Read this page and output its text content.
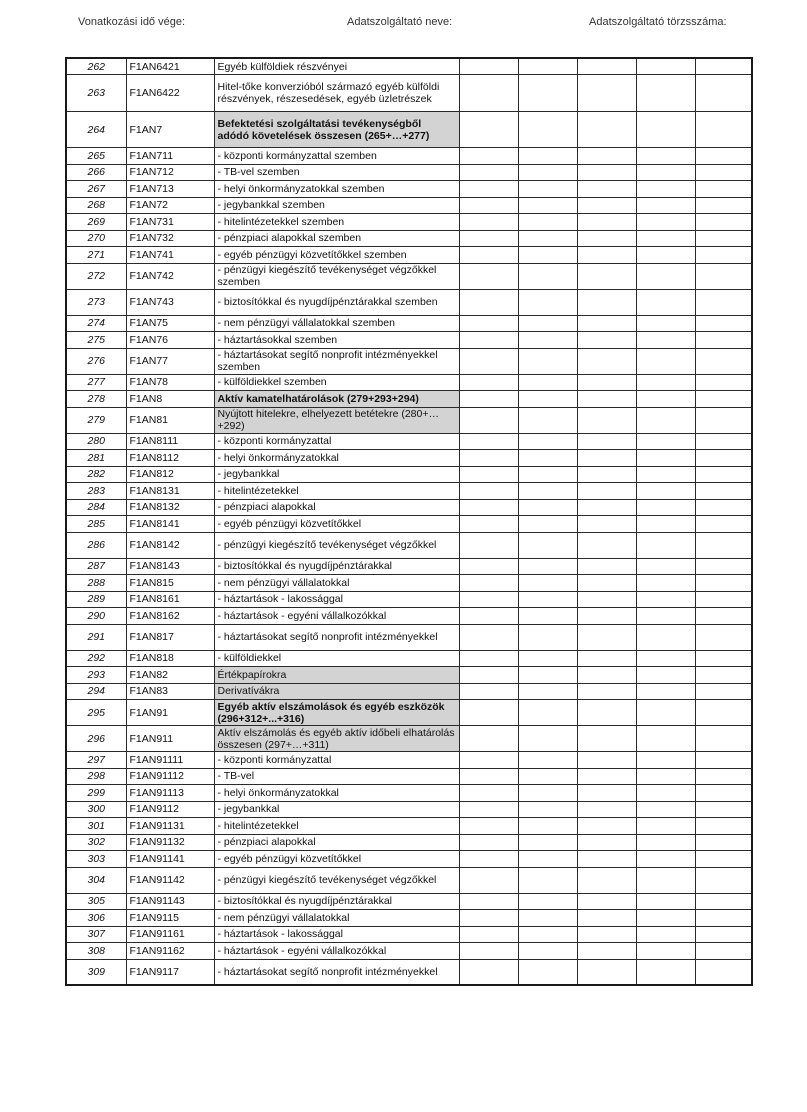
Vonatkozási idő vége:	Adatszolgáltató neve:	Adatszolgáltató törzsszáma:
262	F1AN6421	Egyéb külföldiek részvényei					
263	F1AN6422	Hitel-tőke konverzióból származó egyéb külföldi részvények, részesedések, egyéb üzletrészek					
264	F1AN7	Befektetési szolgáltatási tevékenységből adódó követelések összesen (265+…+277)					
265	F1AN711	- központi kormányzattal szemben					
266	F1AN712	- TB-vel szemben					
267	F1AN713	- helyi önkormányzatokkal szemben					
268	F1AN72	- jegybankkal szemben					
269	F1AN731	- hitelintézetekkel szemben					
270	F1AN732	- pénzpiaci alapokkal szemben					
271	F1AN741	- egyéb pénzügyi közvetítőkkel szemben					
272	F1AN742	- pénzügyi kiegészítő tevékenységet végzőkkel szemben					
273	F1AN743	- biztosítókkal és nyugdíjpénztárakkal szemben					
274	F1AN75	- nem pénzügyi vállalatokkal szemben					
275	F1AN76	- háztartásokkal szemben					
276	F1AN77	- háztartásokat segítő nonprofit intézményekkel szemben					
277	F1AN78	- külföldiekkel szemben					
278	F1AN8	Aktív kamatelhatárolások (279+293+294)					
279	F1AN81	Nyújtott hitelekre, elhelyezett betétekre (280+…+292)					
280	F1AN8111	- központi kormányzattal					
281	F1AN8112	- helyi önkormányzatokkal					
282	F1AN812	- jegybankkal					
283	F1AN8131	- hitelintézetekkel					
284	F1AN8132	- pénzpiaci alapokkal					
285	F1AN8141	- egyéb pénzügyi közvetítőkkel					
286	F1AN8142	- pénzügyi kiegészítő tevékenységet végzőkkel					
287	F1AN8143	- biztosítókkal és nyugdíjpénztárakkal					
288	F1AN815	- nem pénzügyi vállalatokkal					
289	F1AN8161	- háztartások - lakossággal					
290	F1AN8162	- háztartások - egyéni vállalkozókkal					
291	F1AN817	- háztartásokat segítő nonprofit intézményekkel					
292	F1AN818	- külföldiekkel					
293	F1AN82	Értékpapírokra					
294	F1AN83	Derivatívákra					
295	F1AN91	Egyéb aktív elszámolások és egyéb eszközök (296+312+...+316)					
296	F1AN911	Aktív elszámolás és egyéb aktív időbeli elhatárolás összesen (297+…+311)					
297	F1AN91111	- központi kormányzattal					
298	F1AN91112	- TB-vel					
299	F1AN91113	- helyi önkormányzatokkal					
300	F1AN9112	- jegybankkal					
301	F1AN91131	- hitelintézetekkel					
302	F1AN91132	- pénzpiaci alapokkal					
303	F1AN91141	- egyéb pénzügyi közvetítőkkel					
304	F1AN91142	- pénzügyi kiegészítő tevékenységet végzőkkel					
305	F1AN91143	- biztosítókkal és nyugdíjpénztárakkal					
306	F1AN9115	- nem pénzügyi vállalatokkal					
307	F1AN91161	- háztartások - lakossággal					
308	F1AN91162	- háztartások - egyéni vállalkozókkal					
309	F1AN9117	- háztartásokat segítő nonprofit intézményekkel					
